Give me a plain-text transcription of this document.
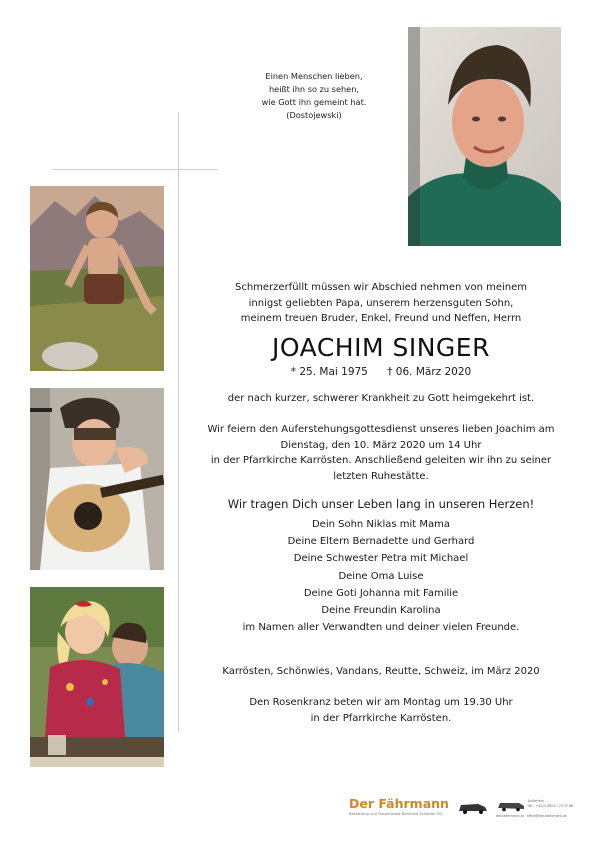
Einen Menschen lieben,
heißt ihn so zu sehen,
wie Gott ihn gemeint hat.
(Dostojewski)
Schmerzerfüllt müssen wir Abschied nehmen von meinem
innigst geliebten Papa, unserem herzensguten Sohn,
meinem treuen Bruder, Enkel, Freund und Neffen, Herrn
JOACHIM SINGER
* 25. Mai 1975 † 06. März 2020
der nach kurzer, schwerer Krankheit zu Gott heimgekehrt ist.
Wir feiern den Auferstehungsgottesdienst unseres lieben Joachim am
Dienstag, den 10. März 2020 um 14 Uhr
in der Pfarrkirche Karrösten. Anschließend geleiten wir ihn zu seiner
letzten Ruhestätte.
Wir tragen Dich unser Leben lang in unseren Herzen!
Dein Sohn Niklas mit Mama
Deine Eltern Bernadette und Gerhard
Deine Schwester Petra mit Michael
Deine Oma Luise
Deine Goti Johanna mit Familie
Deine Freundin Karolina
im Namen aller Verwandten und deiner vielen Freunde.
Karrösten, Schönwies, Vandans, Reutte, Schweiz, im März 2020
Den Rosenkranz beten wir am Montag um 19.30 Uhr
in der Pfarrkirche Karrösten.
Der Fährmann
Bestattung und Trauerrituale Bernhard Schöpfer OG	der-faehrmann.at · office@der-faehrmann.at
Außerfern
Tel.: +43 (0)5672 / 73 77 88
